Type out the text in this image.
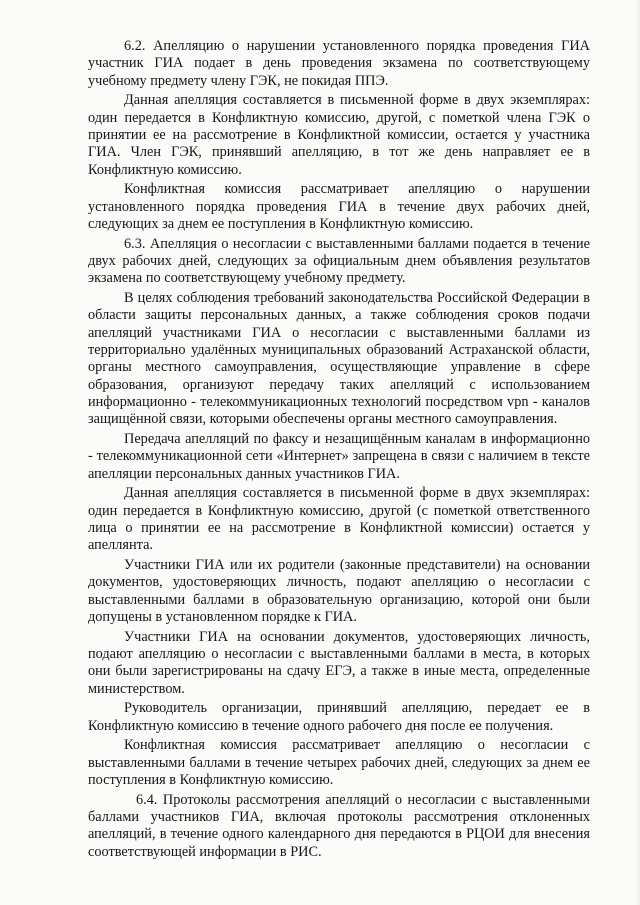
6.2. Апелляцию о нарушении установленного порядка проведения ГИА участник ГИА подает в день проведения экзамена по соответствующему учебному предмету члену ГЭК, не покидая ППЭ.

Данная апелляция составляется в письменной форме в двух экземплярах: один передается в Конфликтную комиссию, другой, с пометкой члена ГЭК о принятии ее на рассмотрение в Конфликтной комиссии, остается у участника ГИА. Член ГЭК, принявший апелляцию, в тот же день направляет ее в Конфликтную комиссию.

Конфликтная комиссия рассматривает апелляцию о нарушении установленного порядка проведения ГИА в течение двух рабочих дней, следующих за днем ее поступления в Конфликтную комиссию.

6.3. Апелляция о несогласии с выставленными баллами подается в течение двух рабочих дней, следующих за официальным днем объявления результатов экзамена по соответствующему учебному предмету.

В целях соблюдения требований законодательства Российской Федерации в области защиты персональных данных, а также соблюдения сроков подачи апелляций участниками ГИА о несогласии с выставленными баллами из территориально удалённых муниципальных образований Астраханской области, органы местного самоуправления, осуществляющие управление в сфере образования, организуют передачу таких апелляций с использованием информационно - телекоммуникационных технологий посредством vpn - каналов защищённой связи, которыми обеспечены органы местного самоуправления.

Передача апелляций по факсу и незащищённым каналам в информационно - телекоммуникационной сети «Интернет» запрещена в связи с наличием в тексте апелляции персональных данных участников ГИА.

Данная апелляция составляется в письменной форме в двух экземплярах: один передается в Конфликтную комиссию, другой (с пометкой ответственного лица о принятии ее на рассмотрение в Конфликтной комиссии) остается у апеллянта.

Участники ГИА или их родители (законные представители) на основании документов, удостоверяющих личность, подают апелляцию о несогласии с выставленными баллами в образовательную организацию, которой они были допущены в установленном порядке к ГИА.

Участники ГИА на основании документов, удостоверяющих личность, подают апелляцию о несогласии с выставленными баллами в места, в которых они были зарегистрированы на сдачу ЕГЭ, а также в иные места, определенные министерством.

Руководитель организации, принявший апелляцию, передает ее в Конфликтную комиссию в течение одного рабочего дня после ее получения.

Конфликтная комиссия рассматривает апелляцию о несогласии с выставленными баллами в течение четырех рабочих дней, следующих за днем ее поступления в Конфликтную комиссию.

6.4. Протоколы рассмотрения апелляций о несогласии с выставленными баллами участников ГИА, включая протоколы рассмотрения отклоненных апелляций, в течение одного календарного дня передаются в РЦОИ для внесения соответствующей информации в РИС.
